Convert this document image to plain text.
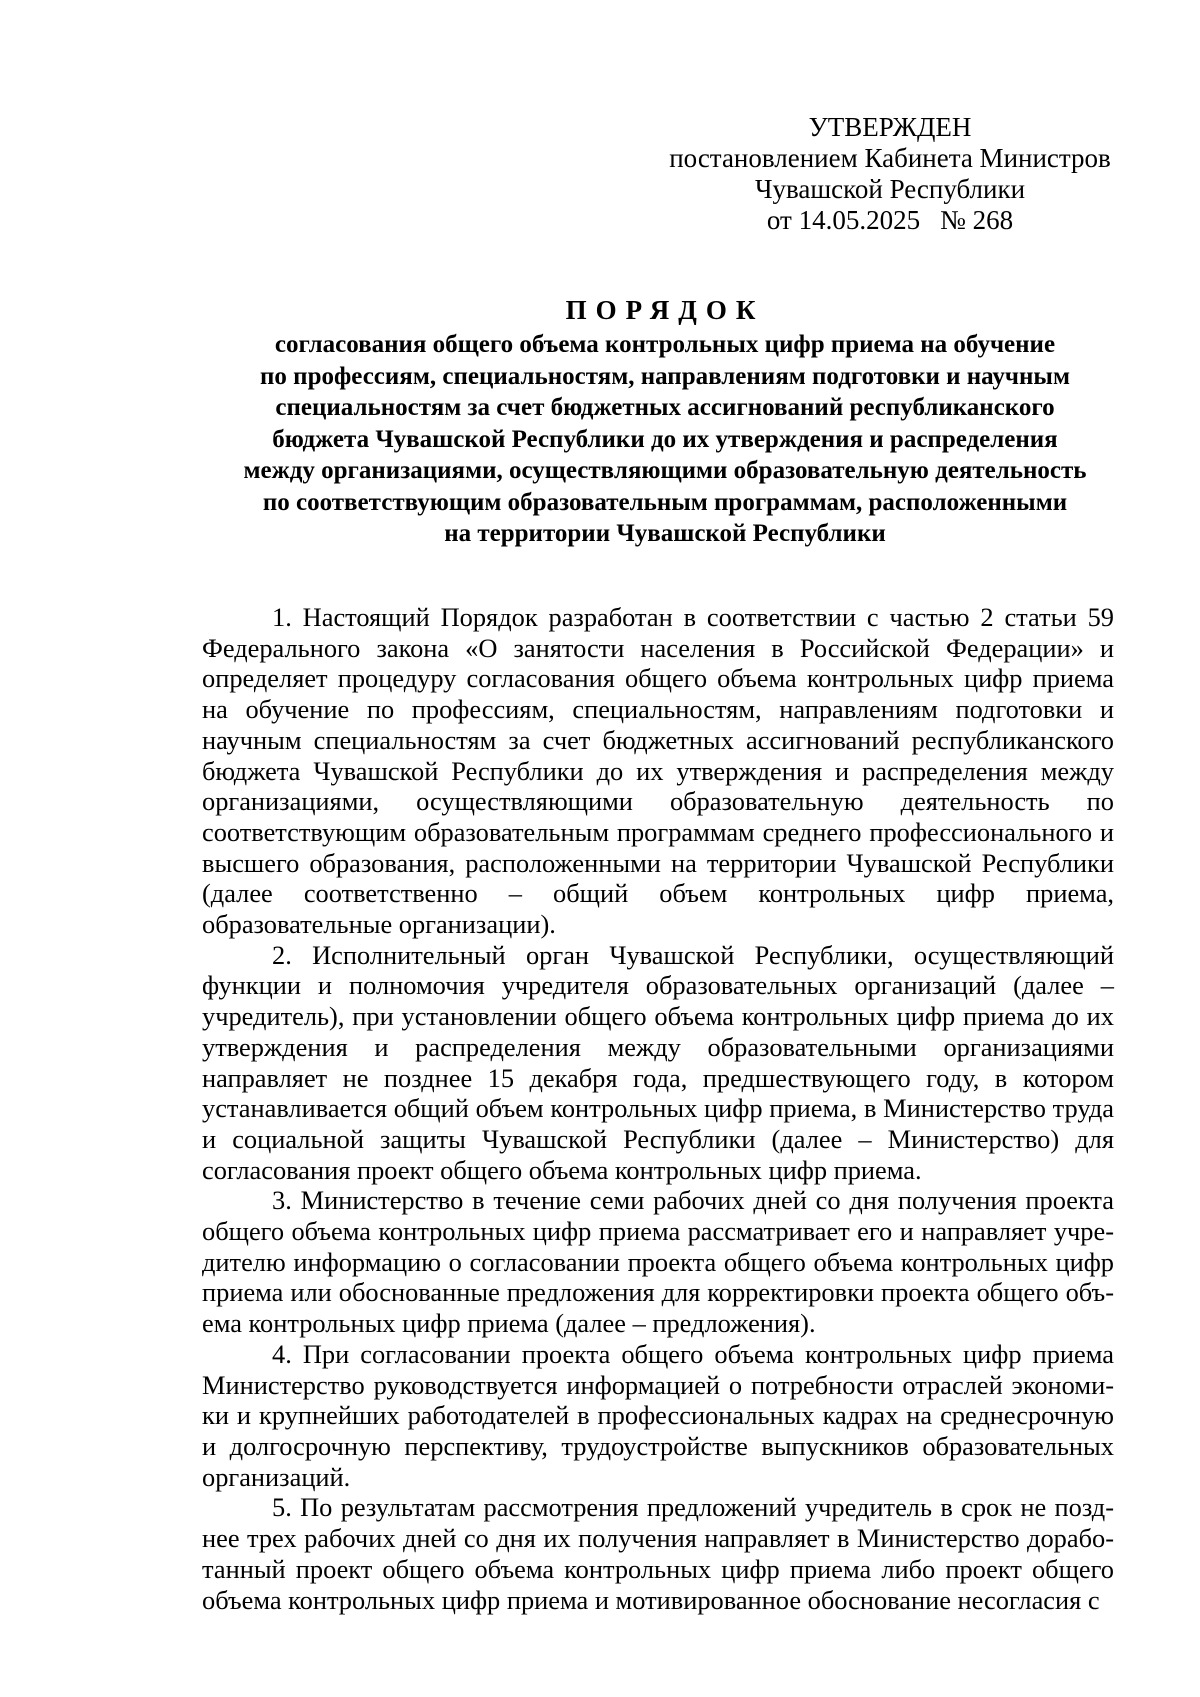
УТВЕРЖДЕН
постановлением Кабинета Министров
Чувашской Республики
от 14.05.2025 № 268
ПОРЯДОК
согласования общего объема контрольных цифр приема на обучение
по профессиям, специальностям, направлениям подготовки и научным
специальностям за счет бюджетных ассигнований республиканского
бюджета Чувашской Республики до их утверждения и распределения
между организациями, осуществляющими образовательную деятельность
по соответствующим образовательным программам, расположенными
на территории Чувашской Республики

1. Настоящий Порядок разработан в соответствии с частью 2 статьи 59 Федерального закона «О занятости населения в Российской Федерации» и определяет процедуру согласования общего объема контрольных цифр приема на обучение по профессиям, специальностям, направлениям подготовки и научным специальностям за счет бюджетных ассигнований республиканского бюджета Чувашской Республики до их утверждения и распределения между организациями, осуществляющими образовательную деятельность по соответствующим образовательным программам среднего профессионального и высшего образования, расположенными на территории Чувашской Республики (далее соответственно – общий объем контрольных цифр приема, образовательные организации).

2. Исполнительный орган Чувашской Республики, осуществляющий функции и полномочия учредителя образовательных организаций (далее – учредитель), при установлении общего объема контрольных цифр приема до их утверждения и распределения между образовательными организациями направляет не позднее 15 декабря года, предшествующего году, в котором устанавливается общий объем контрольных цифр приема, в Министерство труда и социальной защиты Чувашской Республики (далее – Министерство) для согласования проект общего объема контрольных цифр приема.

3. Министерство в течение семи рабочих дней со дня получения проекта общего объема контрольных цифр приема рассматривает его и направляет учредителю информацию о согласовании проекта общего объема контрольных цифр приема или обоснованные предложения для корректировки проекта общего объема контрольных цифр приема (далее – предложения).

4. При согласовании проекта общего объема контрольных цифр приема Министерство руководствуется информацией о потребности отраслей экономики и крупнейших работодателей в профессиональных кадрах на среднесрочную и долгосрочную перспективу, трудоустройстве выпускников образовательных организаций.

5. По результатам рассмотрения предложений учредитель в срок не позднее трех рабочих дней со дня их получения направляет в Министерство доработанный проект общего объема контрольных цифр приема либо проект общего объема контрольных цифр приема и мотивированное обоснование несогласия с
